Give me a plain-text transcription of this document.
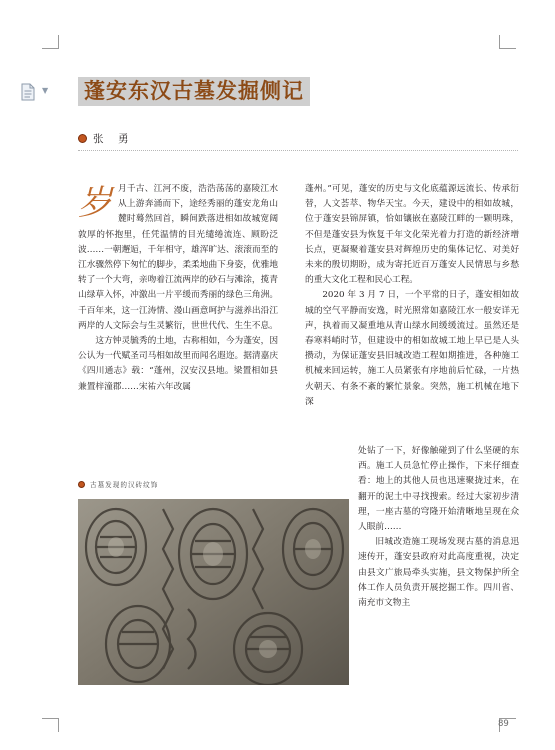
▼ 蓬安东汉古墓发掘侧记
张　勇

岁月千古、江河不废，浩浩荡荡的嘉陵江水从上游奔涌而下，途经秀丽的蓬安龙角山麓时蓦然回首，瞬间跌落进相如故城宽阔敦厚的怀抱里，任凭温情的目光缱绻流连、顾盼泛波……一朝邂逅，千年相守，雄浑旷达、滚滚而至的江水骤然停下匆忙的脚步，柔柔地曲下身姿，优雅地转了一个大弯，亲吻着江流两岸的砂石与滩涂，揽青山绿草入怀，冲激出一片平缓而秀丽的绿色三角洲。千百年来，这一江涛情、漫山画意呵护与滋养出沿江两岸的人文际会与生灵繁衍，世世代代、生生不息。

这方钟灵毓秀的土地，古称相如，今为蓬安，因公认为一代赋圣司马相如故里而闻名遐迩。据清嘉庆《四川通志》载：“蓬州，汉安汉县地。梁置相如县兼置梓潼郡……宋祐六年改属

蓬州。”可见，蓬安的历史与文化底蕴源远流长、传承衍替，人文荟萃、物华天宝。今天，建设中的相如故城，位于蓬安县锦屏镇，恰如镶嵌在嘉陵江畔的一颗明珠，不但是蓬安县为恢复千年文化荣光着力打造的新经济增长点，更凝聚着蓬安县对辉煌历史的集体记忆、对美好未来的殷切期盼，成为寄托近百万蓬安人民情思与乡愁的重大文化工程和民心工程。

2020 年 3 月 7 日，一个平常的日子，蓬安相如故城的空气平静而安逸，时光照常如嘉陵江水一般安详无声，执着而又凝重地从青山绿水间缓缓流过。虽然还是春寒料峭时节，但建设中的相如故城工地上早已是人头攒动，为保证蓬安县旧城改造工程如期推进，各种施工机械来回运转，施工人员紧张有序地前后忙碌，一片热火朝天、有条不紊的繁忙景象。突然，施工机械在地下深

处钻了一下，好像触碰到了什么坚硬的东西。施工人员急忙停止操作，下来仔细查看：地上的其他人员也迅速聚拢过来，在翻开的泥土中寻找搜索。经过大家初步清理，一座古墓的穹隆开始清晰地呈现在众人眼前……

旧城改造施工现场发现古墓的消息迅速传开，蓬安县政府对此高度重视，决定由县文广旅局牵头实施，县文物保护所全体工作人员负责开展挖掘工作。四川省、南充市文物主

古墓发现的汉砖纹饰
89
